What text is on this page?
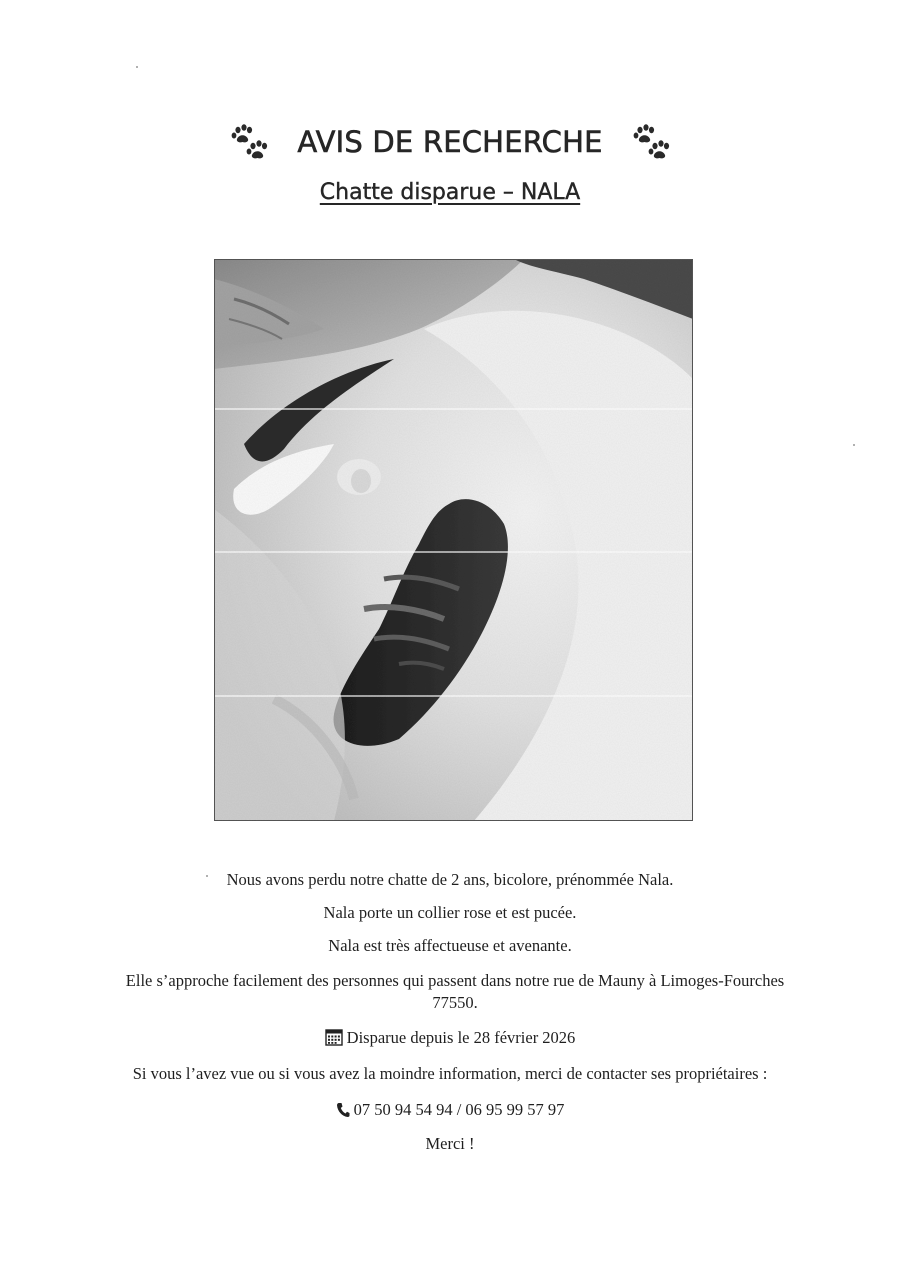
AVIS DE RECHERCHE
Chatte disparue – NALA
Nous avons perdu notre chatte de 2 ans, bicolore, prénommée Nala.
Nala porte un collier rose et est pucée.
Nala est très affectueuse et avenante.
Elle s’approche facilement des personnes qui passent dans notre rue de Mauny à Limoges-Fourches 77550.
Disparue depuis le 28 février 2026
Si vous l’avez vue ou si vous avez la moindre information, merci de contacter ses propriétaires :
07 50 94 54 94 / 06 95 99 57 97
Merci !
